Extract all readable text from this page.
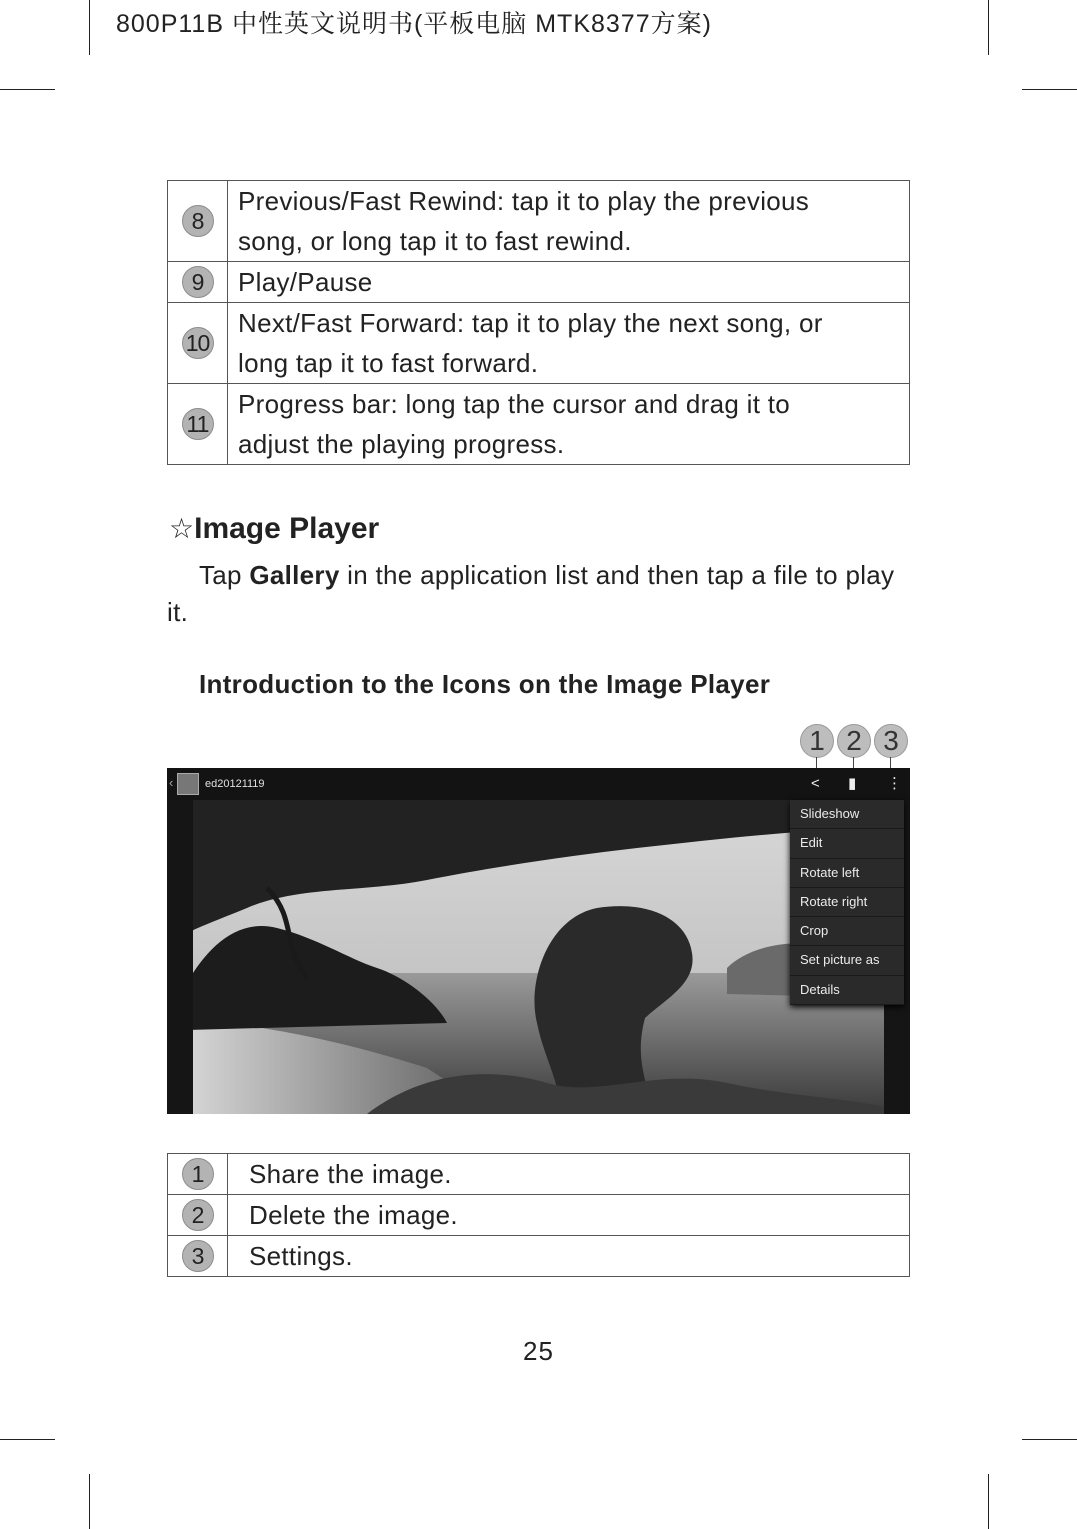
800P11B 中性英文说明书(平板电脑 MTK8377方案)
8	Previous/Fast Rewind: tap it to play the previous
song, or long tap it to fast rewind.

9	Play/Pause

10	Next/Fast Forward: tap it to play the next song, or
long tap it to fast forward.

11	Progress bar: long tap the cursor and drag it to
adjust the playing progress.
☆Image Player
Tap Gallery in the application list and then tap a file to play it.
Introduction to the Icons on the Image Player
1 2 3
‹	ed20121119	< ▮ ⋮
Slideshow
Edit
Rotate left
Rotate right
Crop
Set picture as
Details
1	Share the image.
2	Delete the image.
3	Settings.
25
